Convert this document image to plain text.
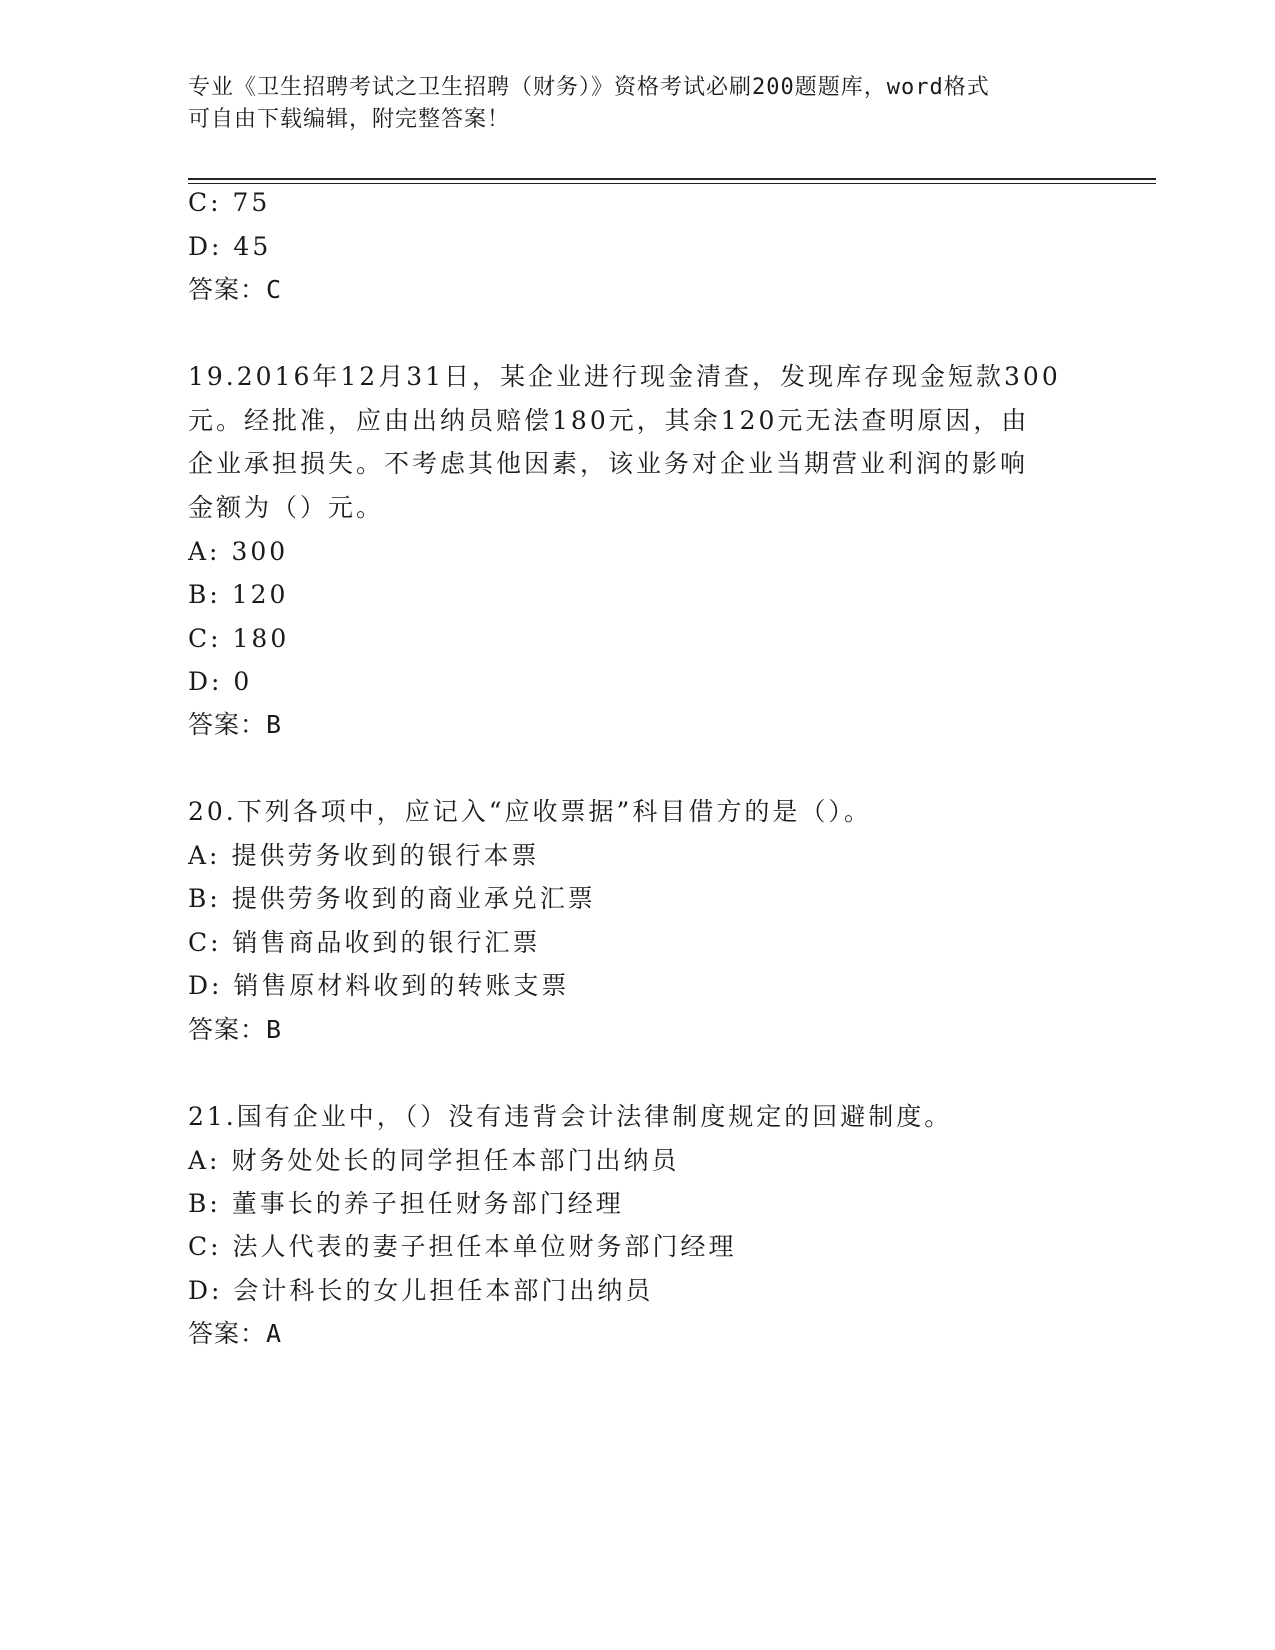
专业《卫生招聘考试之卫生招聘（财务）》资格考试必刷200题题库，word格式
可自由下载编辑，附完整答案！
C: 75
D: 45
答案：C
19.2016年12月31日，某企业进行现金清查，发现库存现金短款300
元。经批准，应由出纳员赔偿180元，其余120元无法查明原因，由
企业承担损失。不考虑其他因素，该业务对企业当期营业利润的影响
金额为（）元。
A: 300
B: 120
C: 180
D: 0
答案：B
20.下列各项中，应记入“应收票据”科目借方的是（）。
A: 提供劳务收到的银行本票
B: 提供劳务收到的商业承兑汇票
C: 销售商品收到的银行汇票
D: 销售原材料收到的转账支票
答案：B
21.国有企业中，（）没有违背会计法律制度规定的回避制度。
A: 财务处处长的同学担任本部门出纳员
B: 董事长的养子担任财务部门经理
C: 法人代表的妻子担任本单位财务部门经理
D: 会计科长的女儿担任本部门出纳员
答案：A
